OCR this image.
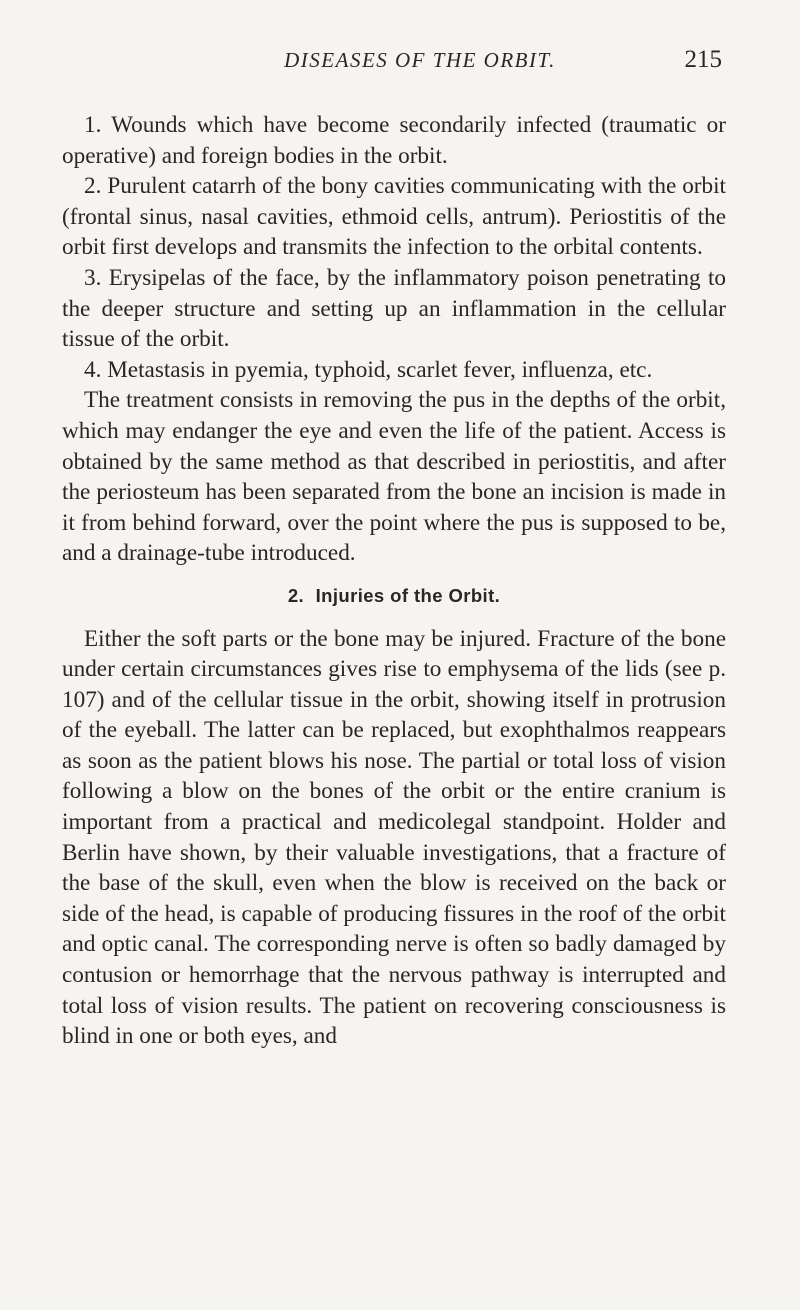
DISEASES OF THE ORBIT.	215

1. Wounds which have become secondarily infected (traumatic or operative) and foreign bodies in the orbit.

2. Purulent catarrh of the bony cavities communicating with the orbit (frontal sinus, nasal cavities, ethmoid cells, antrum). Periostitis of the orbit first develops and transmits the infection to the orbital contents.

3. Erysipelas of the face, by the inflammatory poison penetrating to the deeper structure and setting up an inflammation in the cellular tissue of the orbit.

4. Metastasis in pyemia, typhoid, scarlet fever, influenza, etc.

The treatment consists in removing the pus in the depths of the orbit, which may endanger the eye and even the life of the patient. Access is obtained by the same method as that described in periostitis, and after the periosteum has been separated from the bone an incision is made in it from behind forward, over the point where the pus is supposed to be, and a drainage-tube introduced.

2. Injuries of the Orbit.

Either the soft parts or the bone may be injured. Fracture of the bone under certain circumstances gives rise to emphysema of the lids (see p. 107) and of the cellular tissue in the orbit, showing itself in protrusion of the eyeball. The latter can be replaced, but exophthalmos reappears as soon as the patient blows his nose. The partial or total loss of vision following a blow on the bones of the orbit or the entire cranium is important from a practical and medicolegal standpoint. Holder and Berlin have shown, by their valuable investigations, that a fracture of the base of the skull, even when the blow is received on the back or side of the head, is capable of producing fissures in the roof of the orbit and optic canal. The corresponding nerve is often so badly damaged by contusion or hemorrhage that the nervous pathway is interrupted and total loss of vision results. The patient on recovering consciousness is blind in one or both eyes, and
